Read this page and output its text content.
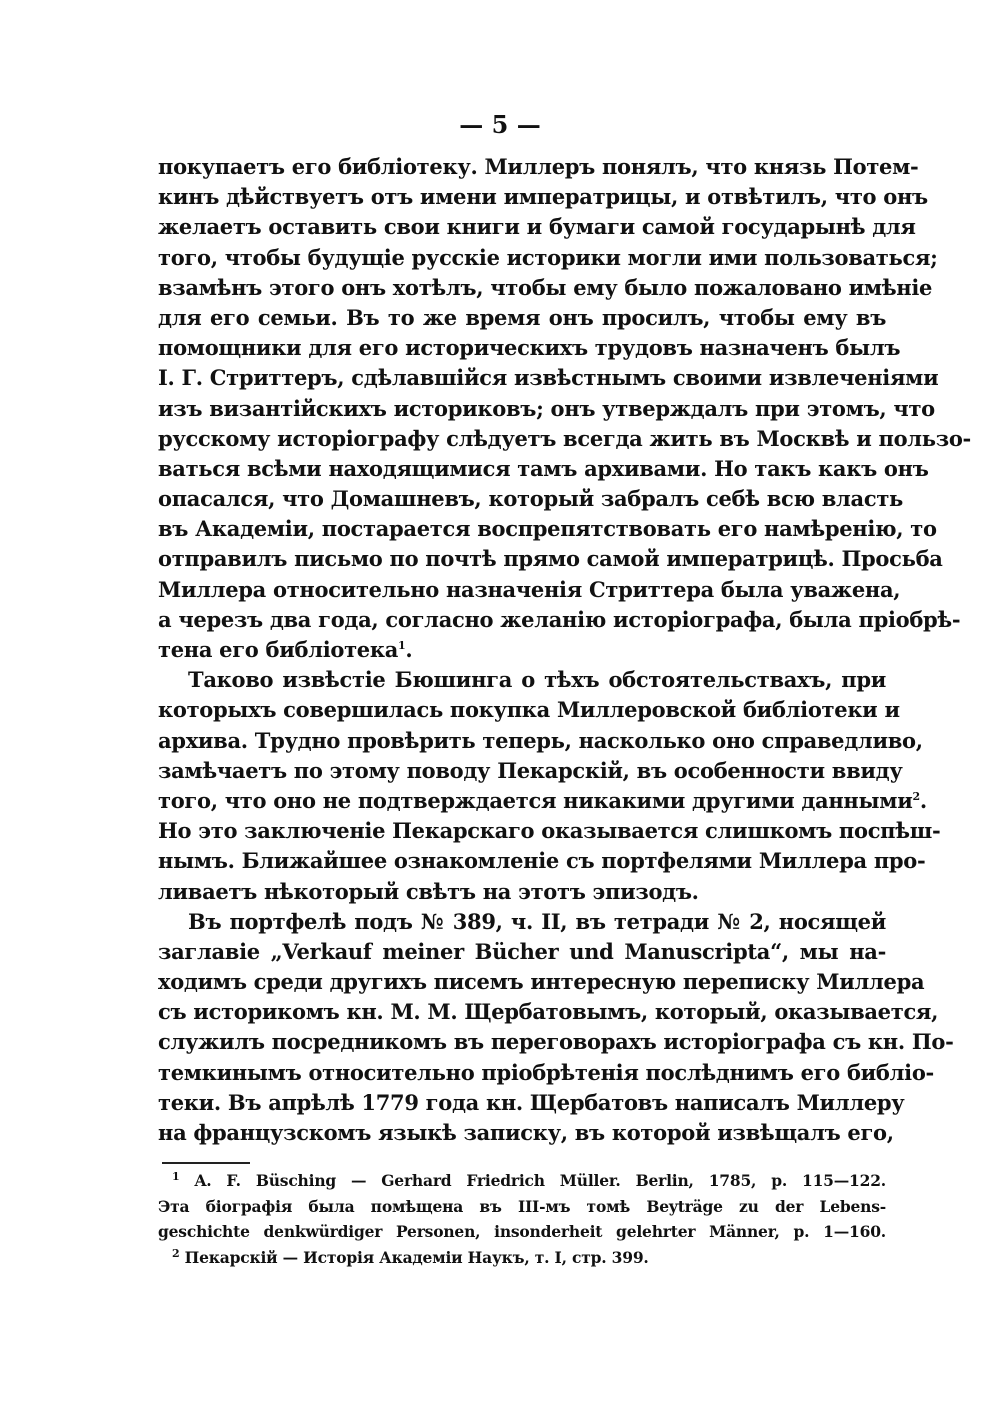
— 5 —
покупаетъ его библіотеку. Миллеръ понялъ, что князь Потем-
кинъ дѣйствуетъ отъ имени императрицы, и отвѣтилъ, что онъ
желаетъ оставить свои книги и бумаги самой государынѣ для
того, чтобы будущіе русскіе историки могли ими пользоваться;
взамѣнъ этого онъ хотѣлъ, чтобы ему было пожаловано имѣніе
для его семьи. Въ то же время онъ просилъ, чтобы ему въ
помощники для его историческихъ трудовъ назначенъ былъ
І. Г. Стриттеръ, сдѣлавшійся извѣстнымъ своими извлеченіями
изъ византійскихъ историковъ; онъ утверждалъ при этомъ, что
русскому исторіографу слѣдуетъ всегда жить въ Москвѣ и пользо-
ваться всѣми находящимися тамъ архивами. Но такъ какъ онъ
опасался, что Домашневъ, который забралъ себѣ всю власть
въ Академіи, постарается воспрепятствовать его намѣренію, то
отправилъ письмо по почтѣ прямо самой императрицѣ. Просьба
Миллера относительно назначенія Стриттера была уважена,
а черезъ два года, согласно желанію исторіографа, была пріобрѣ-
тена его библіотека$^1$.
Таково извѣстіе Бюшинга о тѣхъ обстоятельствахъ, при
которыхъ совершилась покупка Миллеровской библіотеки и
архива. Трудно провѣрить теперь, насколько оно справедливо,
замѣчаетъ по этому поводу Пекарскій, въ особенности ввиду
того, что оно не подтверждается никакими другими данными$^2$.
Но это заключеніе Пекарскаго оказывается слишкомъ поспѣш-
нымъ. Ближайшее ознакомленіе съ портфелями Миллера про-
ливаетъ нѣкоторый свѣтъ на этотъ эпизодъ.
Въ портфелѣ подъ № 389, ч. II, въ тетради № 2, носящей
заглавіе „Verkauf meiner Bücher und Manuscripta“, мы на-
ходимъ среди другихъ писемъ интересную переписку Миллера
съ историкомъ кн. М. М. Щербатовымъ, который, оказывается,
служилъ посредникомъ въ переговорахъ исторіографа съ кн. По-
темкинымъ относительно пріобрѣтенія послѣднимъ его библіо-
теки. Въ апрѣлѣ 1779 года кн. Щербатовъ написалъ Миллеру
на французскомъ языкѣ записку, въ которой извѣщалъ его,
$^1$ A. F. Büsching — Gerhard Friedrich Müller. Berlin, 1785, p. 115—122.
Эта біографія была помѣщена въ III-мъ томѣ Beyträge zu der Lebens-
geschichte denkwürdiger Personen, insonderheit gelehrter Männer, p. 1—160.
$^2$ Пекарскій — Исторія Академіи Наукъ, т. I, стр. 399.
